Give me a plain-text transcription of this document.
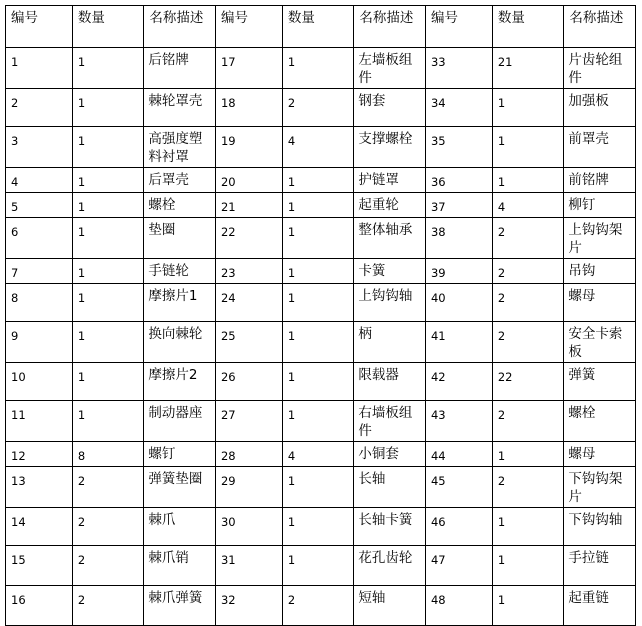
编号	数量	名称描述	编号	数量	名称描述	编号	数量	名称描述
1	1	后铭牌	17	1	左墙板组件	33	21	片齿轮组件
2	1	棘轮罩壳	18	2	钢套	34	1	加强板
3	1	高强度塑料衬罩	19	4	支撑螺栓	35	1	前罩壳
4	1	后罩壳	20	1	护链罩	36	1	前铭牌
5	1	螺栓	21	1	起重轮	37	4	柳钉
6	1	垫圈	22	1	整体轴承	38	2	上钩钩架片
7	1	手链轮	23	1	卡簧	39	2	吊钩
8	1	摩擦片1	24	1	上钩钩轴	40	2	螺母
9	1	换向棘轮	25	1	柄	41	2	安全卡索板
10	1	摩擦片2	26	1	限载器	42	22	弹簧
11	1	制动器座	27	1	右墙板组件	43	2	螺栓
12	8	螺钉	28	4	小铜套	44	1	螺母
13	2	弹簧垫圈	29	1	长轴	45	2	下钩钩架片
14	2	棘爪	30	1	长轴卡簧	46	1	下钩钩轴
15	2	棘爪销	31	1	花孔齿轮	47	1	手拉链
16	2	棘爪弹簧	32	2	短轴	48	1	起重链
